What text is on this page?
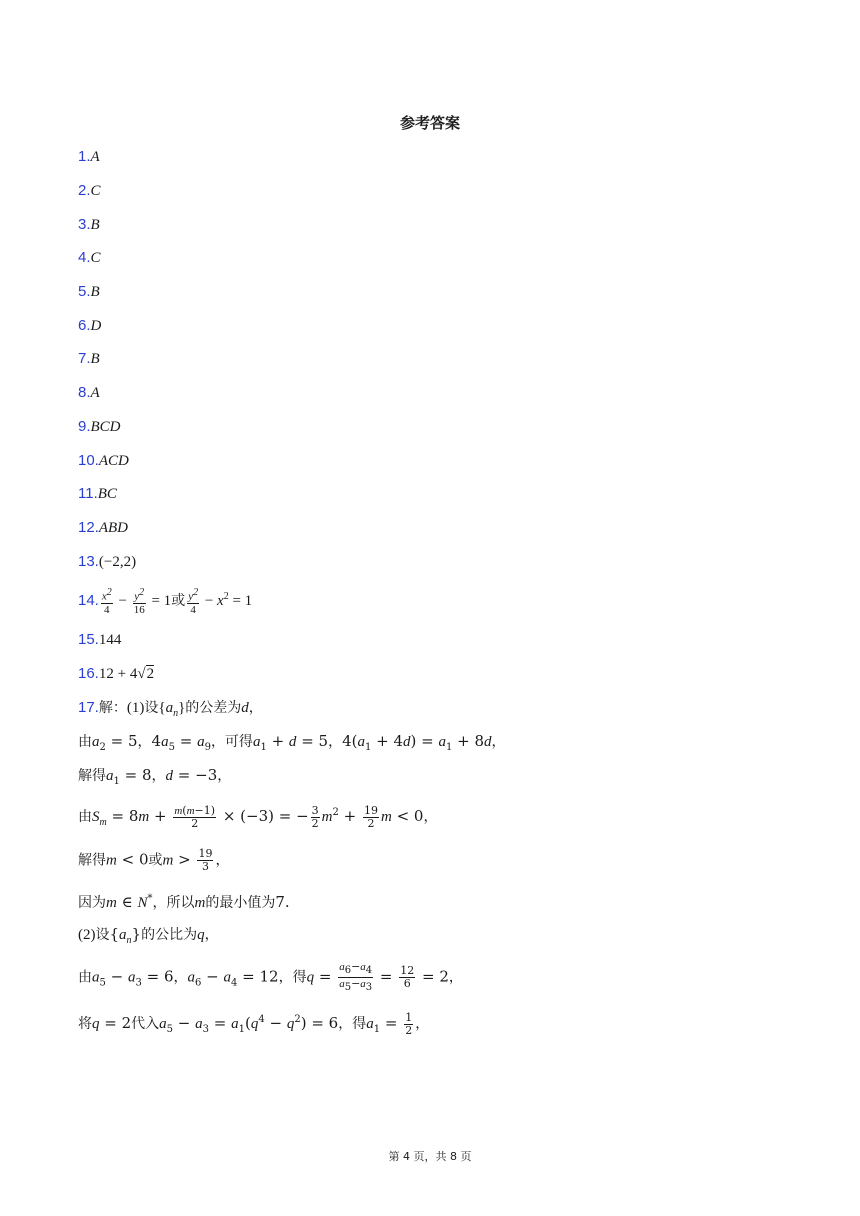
参考答案
1.A
2.C
3.B
4.C
5.B
6.D
7.B
8.A
9.BCD
10.ACD
11.BC
12.ABD
13.(−2,2)
14. $\frac{x^2}{4} - \frac{y^2}{16} = 1$或 $\frac{y^2}{4} - x^2 = 1$
15.144
16.12 + 4√2
17.解：(1)设$\{a_n\}$的公差为d，
由$a_2 = 5$，$4a_5 = a_9$，可得$a_1 + d = 5$，$4(a_1 + 4d) = a_1 + 8d$，
解得$a_1 = 8$，d = −3，
由$S_m = 8m + \frac{m(m-1)}{2} \times (-3)$ = − $\frac{3}{2} m^2 + \frac{19}{2}$ m < 0，
解得m < 0或$m > \frac{19}{3}$ ，
因为m ∈ N*，所以m的最小值为7.
(2)设$\{a_n\}$的公比为q，
由$a_5 - a_3 = 6$，$a_6 - a_4 = 12$，得$q = \frac{a_6-a_4}{a_5-a_3} = \frac{12}{6} = 2$，
将q = 2代入$a_5 - a_3 = a_1(q^4 - q^2) = 6$，得$a_1 = \frac{1}{2}$ ，
第 4 页，共 8 页
